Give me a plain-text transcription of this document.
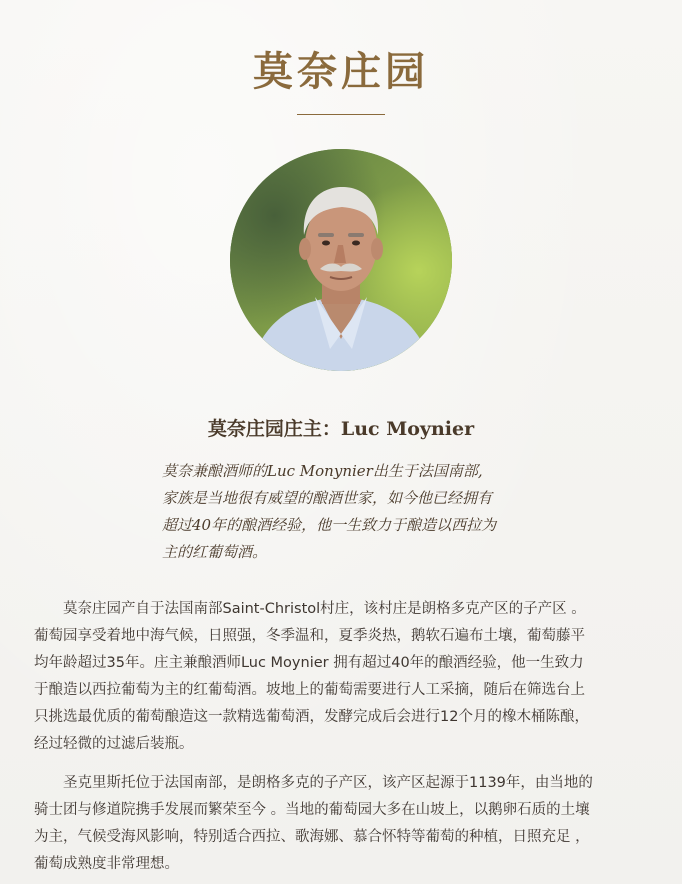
莫奈庄园
莫奈庄园庄主：Luc Moynier
莫奈兼酿酒师的Luc Monynier出生于法国南部,
家族是当地很有威望的酿酒世家，如今他已经拥有
超过40年的酿酒经验，他一生致力于酿造以西拉为
主的红葡萄酒。
　　莫奈庄园产自于法国南部Saint-Christol村庄，该村庄是朗格多克产区的子产区 。
葡萄园享受着地中海气候，日照强，冬季温和，夏季炎热，鹅软石遍布土壤，葡萄藤平
均年龄超过35年。庄主兼酿酒师Luc Moynier 拥有超过40年的酿酒经验，他一生致力
于酿造以西拉葡萄为主的红葡萄酒。坡地上的葡萄需要进行人工采摘，随后在筛选台上
只挑选最优质的葡萄酿造这一款精选葡萄酒，发酵完成后会进行12个月的橡木桶陈酿，
经过轻微的过滤后装瓶。
　　圣克里斯托位于法国南部，是朗格多克的子产区，该产区起源于1139年，由当地的
骑士团与修道院携手发展而繁荣至今 。当地的葡萄园大多在山坡上，以鹅卵石质的土壤
为主，气候受海风影响，特别适合西拉、歌海娜、慕合怀特等葡萄的种植，日照充足 ，
葡萄成熟度非常理想。
